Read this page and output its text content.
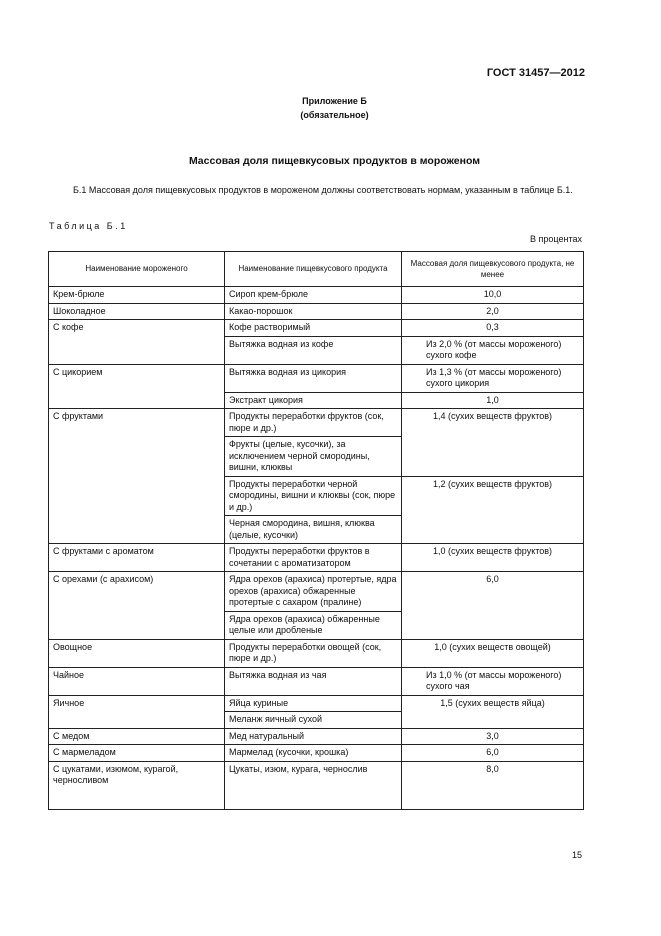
ГОСТ 31457—2012
Приложение Б
(обязательное)
Массовая доля пищевкусовых продуктов в мороженом
Б.1 Массовая доля пищевкусовых продуктов в мороженом должны соответствовать нормам, указанным в таблице Б.1.
Таблица Б.1
В процентах
Наименование мороженого	Наименование пищевкусового продукта	Массовая доля пищевкусового продукта, не менее
Крем-брюле	Сироп крем-брюле	10,0
Шоколадное	Какао-порошок	2,0
С кофе	Кофе растворимый	0,3
	Вытяжка водная из кофе	Из 2,0 % (от массы мороженого) сухого кофе
С цикорием	Вытяжка водная из цикория	Из 1,3 % (от массы мороженого) сухого цикория
	Экстракт цикория	1,0
С фруктами	Продукты переработки фруктов (сок, пюре и др.)	1,4 (сухих веществ фруктов)
	Фрукты (целые, кусочки), за исключением черной смородины, вишни, клюквы	
	Продукты переработки черной смородины, вишни и клюквы (сок, пюре и др.)	1,2 (сухих веществ фруктов)
	Черная смородина, вишня, клюква (целые, кусочки)	
С фруктами с ароматом	Продукты переработки фруктов в сочетании с ароматизатором	1,0 (сухих веществ фруктов)
С орехами (с арахисом)	Ядра орехов (арахиса) протертые, ядра орехов (арахиса) обжаренные протертые с сахаром (пралине)	6,0
	Ядра орехов (арахиса) обжаренные целые или дробленые	
Овощное	Продукты переработки овощей (сок, пюре и др.)	1,0 (сухих веществ овощей)
Чайное	Вытяжка водная из чая	Из 1,0 % (от массы мороженого) сухого чая
Яичное	Яйца куриные	1,5 (сухих веществ яйца)
	Меланж яичный сухой	
С медом	Мед натуральный	3,0
С мармеладом	Мармелад (кусочки, крошка)	6,0
С цукатами, изюмом, курагой, черносливом	Цукаты, изюм, курага, чернослив	8,0
15
